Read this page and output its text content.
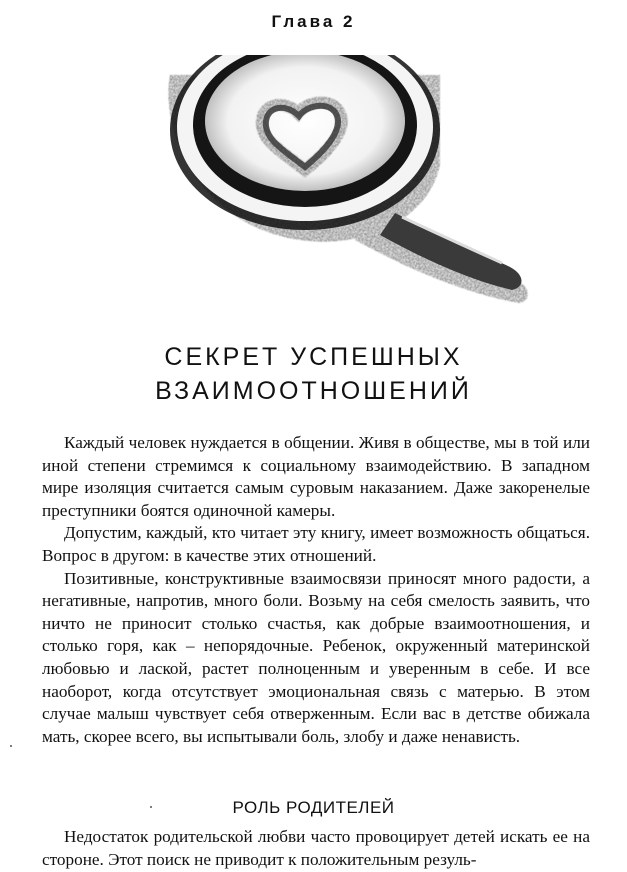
Глава 2
СЕКРЕТ УСПЕШНЫХ
ВЗАИМООТНОШЕНИЙ

Каждый человек нуждается в общении. Живя в обществе, мы в той или иной степени стремимся к социальному взаимодействию. В западном мире изоляция считается самым суровым наказанием. Даже закоренелые преступники боятся одиночной камеры.

Допустим, каждый, кто читает эту книгу, имеет возможность общаться. Вопрос в другом: в качестве этих отношений.

Позитивные, конструктивные взаимосвязи приносят много радости, а негативные, напротив, много боли. Возьму на себя смелость заявить, что ничто не приносит столько счастья, как добрые взаимоотношения, и столько горя, как – непорядочные. Ребенок, окруженный материнской любовью и лаской, растет полноценным и уверенным в себе. И все наоборот, когда отсутствует эмоциональная связь с матерью. В этом случае малыш чувствует себя отверженным. Если вас в детстве обижала мать, скорее всего, вы испытывали боль, злобу и даже ненависть.

РОЛЬ РОДИТЕЛЕЙ

Недостаток родительской любви часто провоцирует детей искать ее на стороне. Этот поиск не приводит к положительным резуль-
